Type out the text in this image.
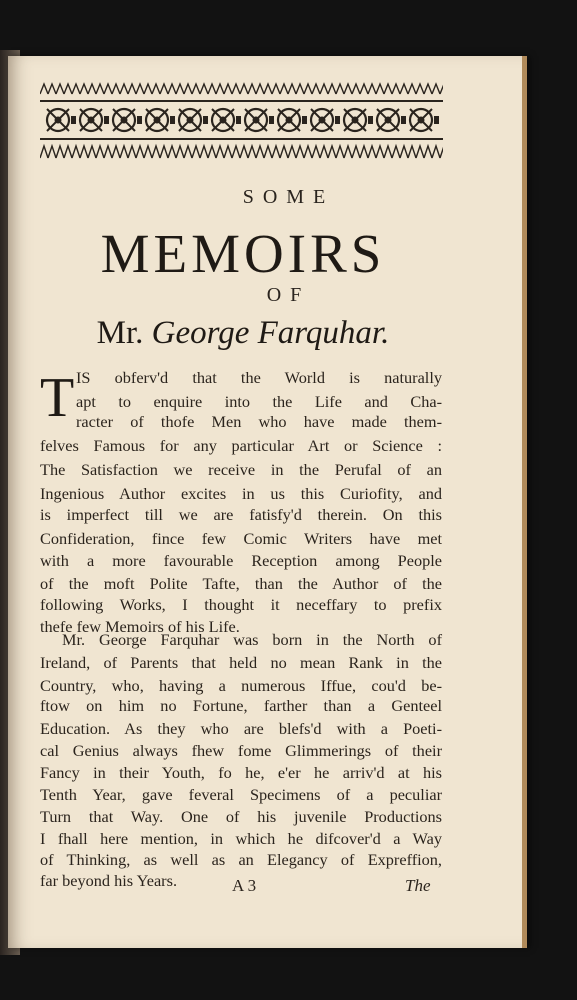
SOME
MEMOIRS
OF
Mr. George Farquhar.
T IS obferv'd that the World is naturally
apt to enquire into the Life and Cha-
racter of thofe Men who have made them-
felves Famous for any particular Art or Science :
The Satisfaction we receive in the Perufal of an
Ingenious Author excites in us this Curiofity, and
is imperfect till we are fatisfy'd therein. On this
Confideration, fince few Comic Writers have met
with a more favourable Reception among People
of the moft Polite Tafte, than the Author of the
following Works, I thought it neceffary to prefix
thefe few Memoirs of his Life.
Mr. George Farquhar was born in the North of
Ireland, of Parents that held no mean Rank in the
Country, who, having a numerous Iffue, cou'd be-
ftow on him no Fortune, farther than a Genteel
Education. As they who are blefs'd with a Poeti-
cal Genius always fhew fome Glimmerings of their
Fancy in their Youth, fo he, e'er he arriv'd at his
Tenth Year, gave feveral Specimens of a peculiar
Turn that Way. One of his juvenile Productions
I fhall here mention, in which he difcover'd a Way
of Thinking, as well as an Elegancy of Expreffion,
far beyond his Years.	A 3	The
